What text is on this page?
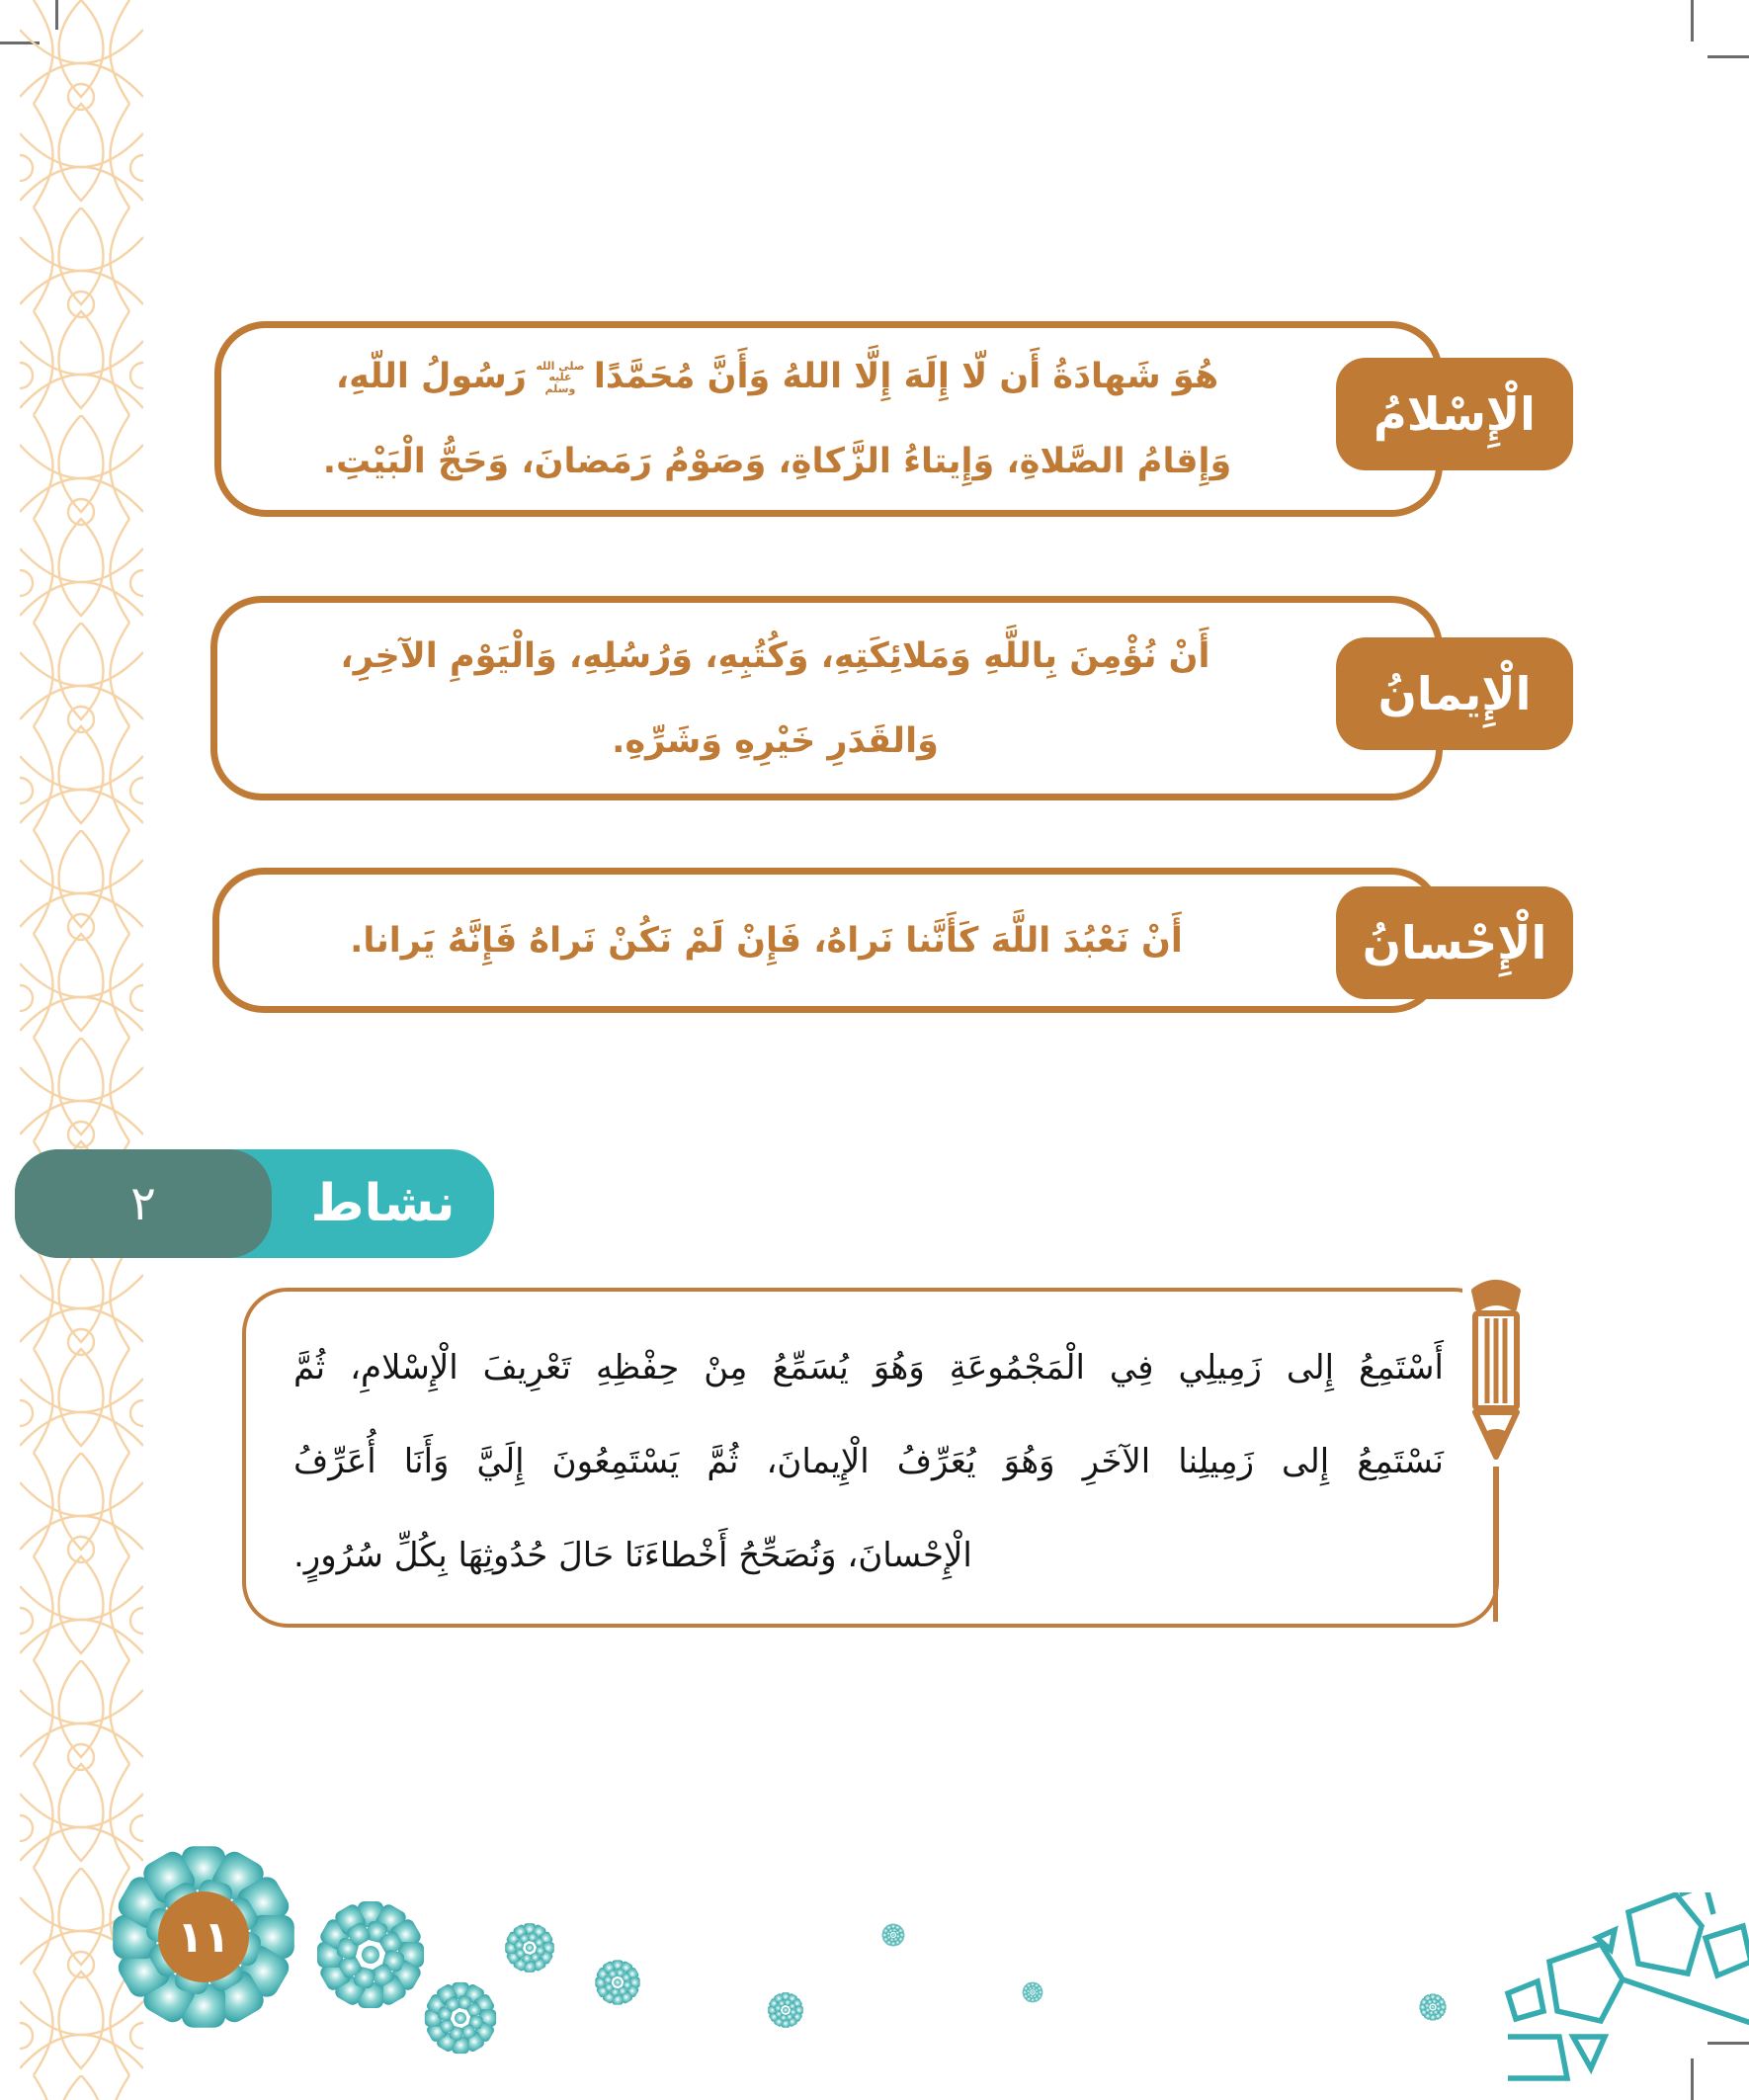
هُوَ شَهادَةُ أَن لّا إِلَهَ إِلَّا اللهُ وَأَنَّ مُحَمَّدًاصلى الله عليه وسلمرَسُولُ اللّهِ،
وَإِقامُ الصَّلاةِ، وَإِيتاءُ الزَّكاةِ، وَصَوْمُ رَمَضانَ، وَحَجُّ الْبَيْتِ.
الْإِسْلامُ
أَنْ نُؤْمِنَ بِاللَّهِ وَمَلائِكَتِهِ، وَكُتُبِهِ، وَرُسُلِهِ، وَالْيَوْمِ الآخِرِ،
وَالقَدَرِ خَيْرِهِ وَشَرِّهِ.
الْإِيمانُ
أَنْ نَعْبُدَ اللَّهَ كَأَنَّنا نَراهُ، فَإِنْ لَمْ نَكُنْ نَراهُ فَإِنَّهُ يَرانا.	الْإِحْسانُ
٢	نشاط
أَسْتَمِعُ إِلى زَمِيلِي فِي الْمَجْمُوعَةِ وَهُوَ يُسَمِّعُ مِنْ حِفْظِهِ تَعْرِيفَ الْإِسْلامِ، ثُمَّ
نَسْتَمِعُ إِلى زَمِيلِنا الآخَرِ وَهُوَ يُعَرِّفُ الْإِيمانَ، ثُمَّ يَسْتَمِعُونَ إِلَيَّ وَأَنَا أُعَرِّفُ
الْإِحْسانَ، وَنُصَحِّحُ أَخْطاءَنَا حَالَ حُدُوثِهَا بِكُلِّ سُرُورٍ.
١١
